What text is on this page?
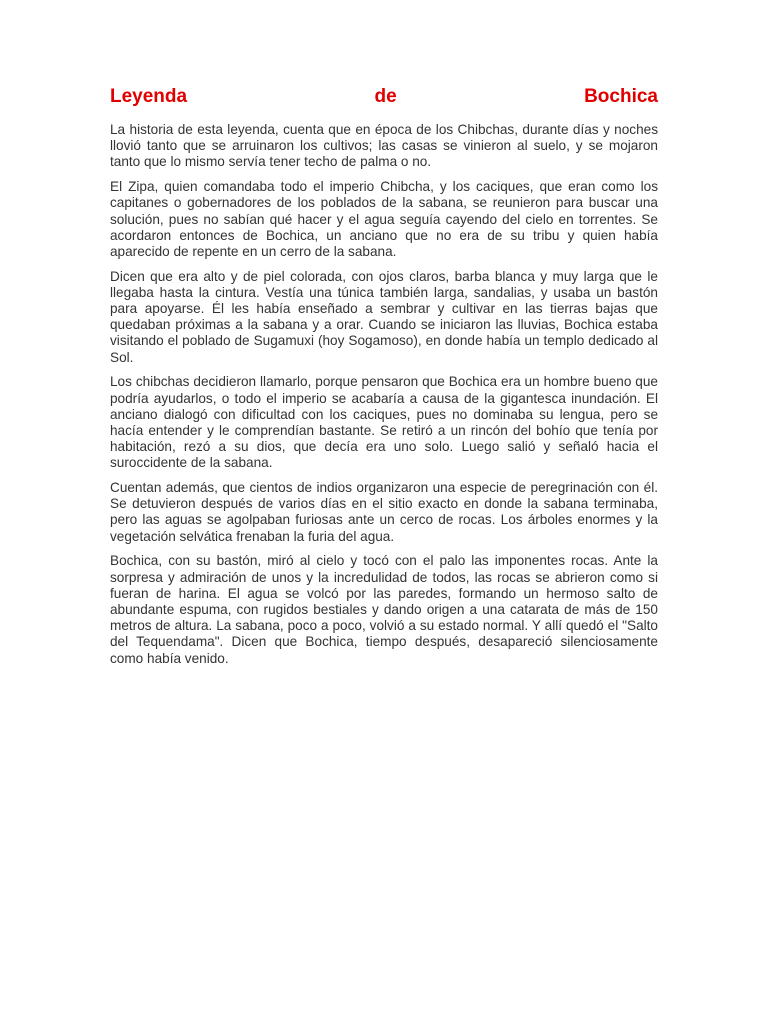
Leyenda	de	Bochica

La historia de esta leyenda, cuenta que en época de los Chibchas, durante días y noches llovió tanto que se arruinaron los cultivos; las casas se vinieron al suelo, y se mojaron tanto que lo mismo servía tener techo de palma o no.

El Zipa, quien comandaba todo el imperio Chibcha, y los caciques, que eran como los capitanes o gobernadores de los poblados de la sabana, se reunieron para buscar una solución, pues no sabían qué hacer y el agua seguía cayendo del cielo en torrentes. Se acordaron entonces de Bochica, un anciano que no era de su tribu y quien había aparecido de repente en un cerro de la sabana.

Dicen que era alto y de piel colorada, con ojos claros, barba blanca y muy larga que le llegaba hasta la cintura. Vestía una túnica también larga, sandalias, y usaba un bastón para apoyarse. Él les había enseñado a sembrar y cultivar en las tierras bajas que quedaban próximas a la sabana y a orar. Cuando se iniciaron las lluvias, Bochica estaba visitando el poblado de Sugamuxi (hoy Sogamoso), en donde había un templo dedicado al Sol.

Los chibchas decidieron llamarlo, porque pensaron que Bochica era un hombre bueno que podría ayudarlos, o todo el imperio se acabaría a causa de la gigantesca inundación. El anciano dialogó con dificultad con los caciques, pues no dominaba su lengua, pero se hacía entender y le comprendían bastante. Se retiró a un rincón del bohío que tenía por habitación, rezó a su dios, que decía era uno solo. Luego salió y señaló hacia el suroccidente de la sabana.

Cuentan además, que cientos de indios organizaron una especie de peregrinación con él. Se detuvieron después de varios días en el sitio exacto en donde la sabana terminaba, pero las aguas se agolpaban furiosas ante un cerco de rocas. Los árboles enormes y la vegetación selvática frenaban la furia del agua.

Bochica, con su bastón, miró al cielo y tocó con el palo las imponentes rocas. Ante la sorpresa y admiración de unos y la incredulidad de todos, las rocas se abrieron como si fueran de harina. El agua se volcó por las paredes, formando un hermoso salto de abundante espuma, con rugidos bestiales y dando origen a una catarata de más de 150 metros de altura. La sabana, poco a poco, volvió a su estado normal. Y allí quedó el "Salto del Tequendama". Dicen que Bochica, tiempo después, desapareció silenciosamente como había venido.
